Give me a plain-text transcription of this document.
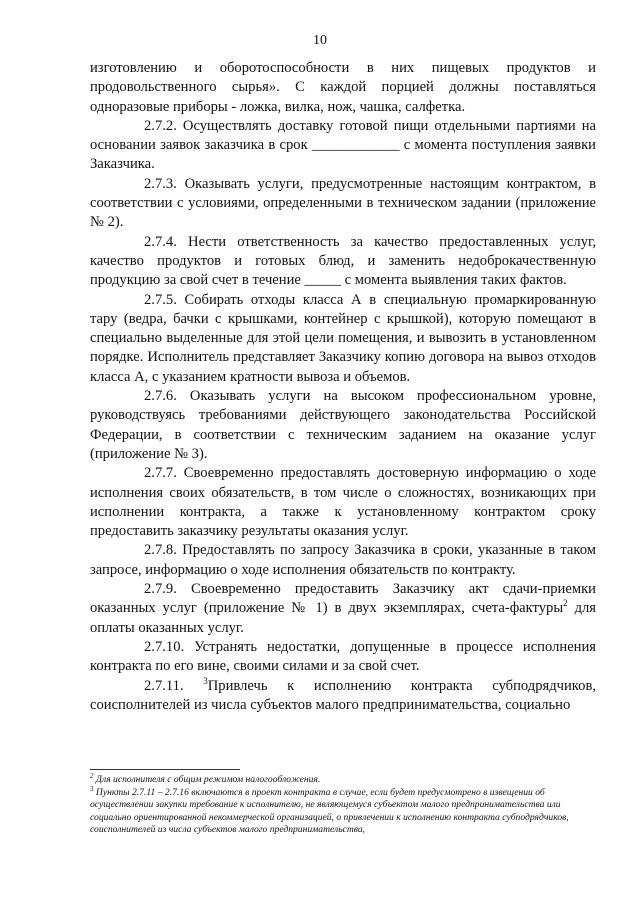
10

изготовлению и оборотоспособности в них пищевых продуктов и продовольственного сырья». С каждой порцией должны поставляться одноразовые приборы - ложка, вилка, нож, чашка, салфетка.

2.7.2. Осуществлять доставку готовой пищи отдельными партиями на основании заявок заказчика в срок ____________ с момента поступления заявки Заказчика.

2.7.3. Оказывать услуги, предусмотренные настоящим контрактом, в соответствии с условиями, определенными в техническом задании (приложение № 2).

2.7.4. Нести ответственность за качество предоставленных услуг, качество продуктов и готовых блюд, и заменить недоброкачественную продукцию за свой счет в течение _____ с момента выявления таких фактов.

2.7.5. Собирать отходы класса А в специальную промаркированную тару (ведра, бачки с крышками, контейнер с крышкой), которую помещают в специально выделенные для этой цели помещения, и вывозить в установленном порядке. Исполнитель представляет Заказчику копию договора на вывоз отходов класса А, с указанием кратности вывоза и объемов.

2.7.6. Оказывать услуги на высоком профессиональном уровне, руководствуясь требованиями действующего законодательства Российской Федерации, в соответствии с техническим заданием на оказание услуг (приложение № 3).

2.7.7. Своевременно предоставлять достоверную информацию о ходе исполнения своих обязательств, в том числе о сложностях, возникающих при исполнении контракта, а также к установленному контрактом сроку предоставить заказчику результаты оказания услуг.

2.7.8. Предоставлять по запросу Заказчика в сроки, указанные в таком запросе, информацию о ходе исполнения обязательств по контракту.

2.7.9. Своевременно предоставить Заказчику акт сдачи-приемки оказанных услуг (приложение № 1) в двух экземплярах, счета-фактуры$^2$ для оплаты оказанных услуг.

2.7.10. Устранять недостатки, допущенные в процессе исполнения контракта по его вине, своими силами и за свой счет.

2.7.11. $^3$Привлечь к исполнению контракта субподрядчиков, соисполнителей из числа субъектов малого предпринимательства, социально

$^2$ Для исполнителя с общим режимом налогообложения.

$^3$ Пункты 2.7.11 – 2.7.16 включаются в проект контракта в случае, если будет предусмотрено в извещении об осуществлении закупки требование к исполнителю, не являющемуся субъектом малого предпринимательства или социально ориентированной некоммерческой организацией, о привлечении к исполнению контракта субподрядчиков, соисполнителей из числа субъектов малого предпринимательства,
